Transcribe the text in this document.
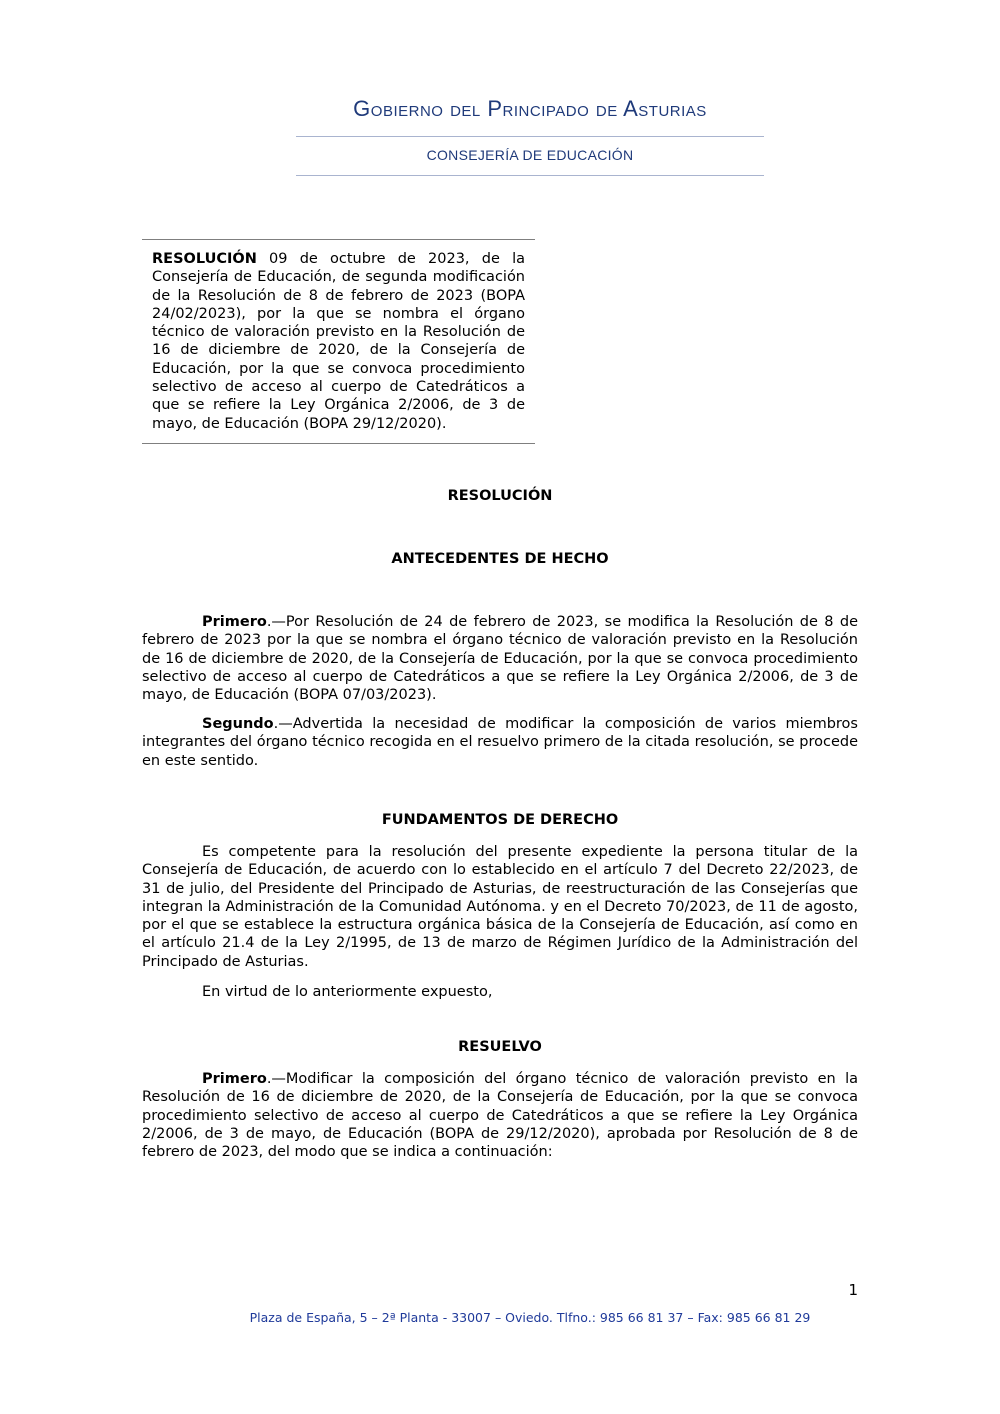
Gobierno del Principado de Asturias
CONSEJERÍA DE EDUCACIÓN

RESOLUCIÓN 09 de octubre de 2023, de la Consejería de Educación, de segunda modificación de la Resolución de 8 de febrero de 2023 (BOPA 24/02/2023), por la que se nombra el órgano técnico de valoración previsto en la Resolución de 16 de diciembre de 2020, de la Consejería de Educación, por la que se convoca procedimiento selectivo de acceso al cuerpo de Catedráticos a que se refiere la Ley Orgánica 2/2006, de 3 de mayo, de Educación (BOPA 29/12/2020).

RESOLUCIÓN
ANTECEDENTES DE HECHO

Primero.—Por Resolución de 24 de febrero de 2023, se modifica la Resolución de 8 de febrero de 2023 por la que se nombra el órgano técnico de valoración previsto en la Resolución de 16 de diciembre de 2020, de la Consejería de Educación, por la que se convoca procedimiento selectivo de acceso al cuerpo de Catedráticos a que se refiere la Ley Orgánica 2/2006, de 3 de mayo, de Educación (BOPA 07/03/2023).

Segundo.—Advertida la necesidad de modificar la composición de varios miembros integrantes del órgano técnico recogida en el resuelvo primero de la citada resolución, se procede en este sentido.

FUNDAMENTOS DE DERECHO

Es competente para la resolución del presente expediente la persona titular de la Consejería de Educación, de acuerdo con lo establecido en el artículo 7 del Decreto 22/2023, de 31 de julio, del Presidente del Principado de Asturias, de reestructuración de las Consejerías que integran la Administración de la Comunidad Autónoma. y en el Decreto 70/2023, de 11 de agosto, por el que se establece la estructura orgánica básica de la Consejería de Educación, así como en el artículo 21.4 de la Ley 2/1995, de 13 de marzo de Régimen Jurídico de la Administración del Principado de Asturias.

En virtud de lo anteriormente expuesto,

RESUELVO

Primero.—Modificar la composición del órgano técnico de valoración previsto en la Resolución de 16 de diciembre de 2020, de la Consejería de Educación, por la que se convoca procedimiento selectivo de acceso al cuerpo de Catedráticos a que se refiere la Ley Orgánica 2/2006, de 3 de mayo, de Educación (BOPA de 29/12/2020), aprobada por Resolución de 8 de febrero de 2023, del modo que se indica a continuación:

1
Plaza de España, 5 – 2ª Planta - 33007 – Oviedo. Tlfno.: 985 66 81 37 – Fax: 985 66 81 29
